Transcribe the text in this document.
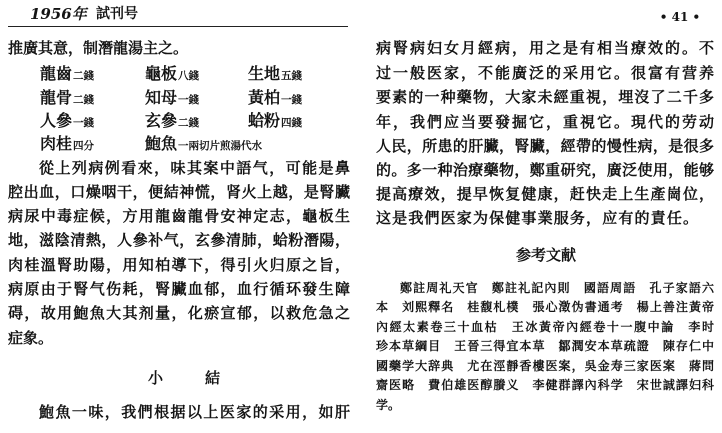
1956年 試刊号	• 41 •
推廣其意，制潛龍湯主之。
龍齒二錢	龜板八錢	生地五錢
龍骨二錢	知母一錢	黃柏一錢
人參一錢	玄參二錢	蛤粉四錢
肉桂四分	鮑魚一兩切片煎湯代水
從上列病例看來，味其案中語气，可能是鼻
腔出血，口燥咽干，便結神慌，肾火上越，是腎臟
病尿中毒症候，方用龍齒龍骨安神定志，龜板生
地，滋陰清熱，人參补气，玄參清肺，蛤粉潛陽，
肉桂溫腎助陽，用知柏導下，得引火归原之旨，
病原由于腎气伤耗，腎臟血郁，血行循环發生障
碍，故用鮑魚大其剂量，化瘀宣郁，以救危急之
症象。
小結
鮑魚一味，我們根据以上医家的采用，如肝
病腎病妇女月經病，用之是有相当療效的。不
过一般医家，不能廣泛的采用它。很富有营养
要素的一种藥物，大家未經重視，埋沒了二千多
年，我們应当要發掘它，重視它。現代的劳动
人民，所患的肝臟，腎臟，經帶的慢性病，是很多
的。多一种治療藥物，鄭重研究，廣泛使用，能够
提高療效，提早恢复健康，赶快走上生產崗位，
这是我們医家为保健事業服务，应有的責任。
参考文献
鄭註周礼天官　鄭註礼記內則　國語周語　孔子家語六
本　刘熙釋名　桂馥札樸　張心澂伪書通考　楊上善注黃帝
內經太素卷三十血枯　王冰黃帝內經卷十一腹中論　李时
珍本草綱目　王晉三得宜本草　鄒潤安本草疏證　陳存仁中
國藥学大辞典　尤在涇靜香樓医案，吳金寿三家医案　蔣問
齋医略　費伯雄医醇賸义　李健群譯內科学　宋世誠譯妇科
学。
